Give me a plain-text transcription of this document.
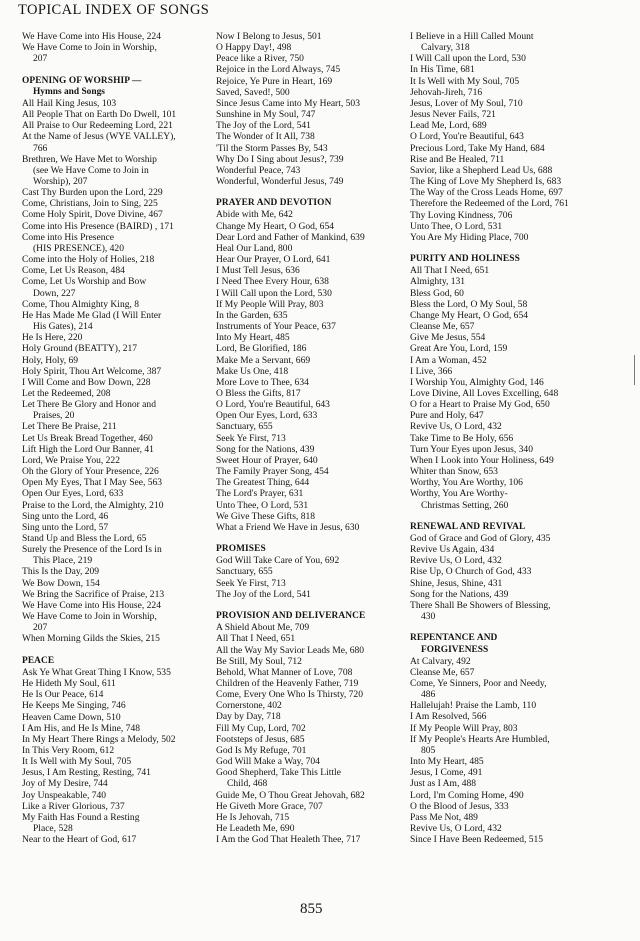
TOPICAL INDEX OF SONGS
We Have Come into His House, 224
We Have Come to Join in Worship,
207
OPENING OF WORSHIP —
Hymns and Songs
All Hail King Jesus, 103
All People That on Earth Do Dwell, 101
All Praise to Our Redeeming Lord, 221
At the Name of Jesus (WYE VALLEY),
766
Brethren, We Have Met to Worship
(see We Have Come to Join in
Worship), 207
Cast Thy Burden upon the Lord, 229
Come, Christians, Join to Sing, 225
Come Holy Spirit, Dove Divine, 467
Come into His Presence (BAIRD) , 171
Come into His Presence
(HIS PRESENCE), 420
Come into the Holy of Holies, 218
Come, Let Us Reason, 484
Come, Let Us Worship and Bow
Down, 227
Come, Thou Almighty King, 8
He Has Made Me Glad (I Will Enter
His Gates), 214
He Is Here, 220
Holy Ground (BEATTY), 217
Holy, Holy, 69
Holy Spirit, Thou Art Welcome, 387
I Will Come and Bow Down, 228
Let the Redeemed, 208
Let There Be Glory and Honor and
Praises, 20
Let There Be Praise, 211
Let Us Break Bread Together, 460
Lift High the Lord Our Banner, 41
Lord, We Praise You, 222
Oh the Glory of Your Presence, 226
Open My Eyes, That I May See, 563
Open Our Eyes, Lord, 633
Praise to the Lord, the Almighty, 210
Sing unto the Lord, 46
Sing unto the Lord, 57
Stand Up and Bless the Lord, 65
Surely the Presence of the Lord Is in
This Place, 219
This Is the Day, 209
We Bow Down, 154
We Bring the Sacrifice of Praise, 213
We Have Come into His House, 224
We Have Come to Join in Worship,
207
When Morning Gilds the Skies, 215
PEACE
Ask Ye What Great Thing I Know, 535
He Hideth My Soul, 611
He Is Our Peace, 614
He Keeps Me Singing, 746
Heaven Came Down, 510
I Am His, and He Is Mine, 748
In My Heart There Rings a Melody, 502
In This Very Room, 612
It Is Well with My Soul, 705
Jesus, I Am Resting, Resting, 741
Joy of My Desire, 744
Joy Unspeakable, 740
Like a River Glorious, 737
My Faith Has Found a Resting
Place, 528
Near to the Heart of God, 617
Now I Belong to Jesus, 501
O Happy Day!, 498
Peace like a River, 750
Rejoice in the Lord Always, 745
Rejoice, Ye Pure in Heart, 169
Saved, Saved!, 500
Since Jesus Came into My Heart, 503
Sunshine in My Soul, 747
The Joy of the Lord, 541
The Wonder of It All, 738
'Til the Storm Passes By, 543
Why Do I Sing about Jesus?, 739
Wonderful Peace, 743
Wonderful, Wonderful Jesus, 749
PRAYER AND DEVOTION
Abide with Me, 642
Change My Heart, O God, 654
Dear Lord and Father of Mankind, 639
Heal Our Land, 800
Hear Our Prayer, O Lord, 641
I Must Tell Jesus, 636
I Need Thee Every Hour, 638
I Will Call upon the Lord, 530
If My People Will Pray, 803
In the Garden, 635
Instruments of Your Peace, 637
Into My Heart, 485
Lord, Be Glorified, 186
Make Me a Servant, 669
Make Us One, 418
More Love to Thee, 634
O Bless the Gifts, 817
O Lord, You're Beautiful, 643
Open Our Eyes, Lord, 633
Sanctuary, 655
Seek Ye First, 713
Song for the Nations, 439
Sweet Hour of Prayer, 640
The Family Prayer Song, 454
The Greatest Thing, 644
The Lord's Prayer, 631
Unto Thee, O Lord, 531
We Give These Gifts, 818
What a Friend We Have in Jesus, 630
PROMISES
God Will Take Care of You, 692
Sanctuary, 655
Seek Ye First, 713
The Joy of the Lord, 541
PROVISION AND DELIVERANCE
A Shield About Me, 709
All That I Need, 651
All the Way My Savior Leads Me, 680
Be Still, My Soul, 712
Behold, What Manner of Love, 708
Children of the Heavenly Father, 719
Come, Every One Who Is Thirsty, 720
Cornerstone, 402
Day by Day, 718
Fill My Cup, Lord, 702
Footsteps of Jesus, 685
God Is My Refuge, 701
God Will Make a Way, 704
Good Shepherd, Take This Little
Child, 468
Guide Me, O Thou Great Jehovah, 682
He Giveth More Grace, 707
He Is Jehovah, 715
He Leadeth Me, 690
I Am the God That Healeth Thee, 717
I Believe in a Hill Called Mount
Calvary, 318
I Will Call upon the Lord, 530
In His Time, 681
It Is Well with My Soul, 705
Jehovah-Jireh, 716
Jesus, Lover of My Soul, 710
Jesus Never Fails, 721
Lead Me, Lord, 689
O Lord, You're Beautiful, 643
Precious Lord, Take My Hand, 684
Rise and Be Healed, 711
Savior, like a Shepherd Lead Us, 688
The King of Love My Shepherd Is, 683
The Way of the Cross Leads Home, 697
Therefore the Redeemed of the Lord, 761
Thy Loving Kindness, 706
Unto Thee, O Lord, 531
You Are My Hiding Place, 700
PURITY AND HOLINESS
All That I Need, 651
Almighty, 131
Bless God, 60
Bless the Lord, O My Soul, 58
Change My Heart, O God, 654
Cleanse Me, 657
Give Me Jesus, 554
Great Are You, Lord, 159
I Am a Woman, 452
I Live, 366
I Worship You, Almighty God, 146
Love Divine, All Loves Excelling, 648
O for a Heart to Praise My God, 650
Pure and Holy, 647
Revive Us, O Lord, 432
Take Time to Be Holy, 656
Turn Your Eyes upon Jesus, 340
When I Look into Your Holiness, 649
Whiter than Snow, 653
Worthy, You Are Worthy, 106
Worthy, You Are Worthy-
Christmas Setting, 260
RENEWAL AND REVIVAL
God of Grace and God of Glory, 435
Revive Us Again, 434
Revive Us, O Lord, 432
Rise Up, O Church of God, 433
Shine, Jesus, Shine, 431
Song for the Nations, 439
There Shall Be Showers of Blessing,
430
REPENTANCE AND
FORGIVENESS
At Calvary, 492
Cleanse Me, 657
Come, Ye Sinners, Poor and Needy,
486
Hallelujah! Praise the Lamb, 110
I Am Resolved, 566
If My People Will Pray, 803
If My People's Hearts Are Humbled,
805
Into My Heart, 485
Jesus, I Come, 491
Just as I Am, 488
Lord, I'm Coming Home, 490
O the Blood of Jesus, 333
Pass Me Not, 489
Revive Us, O Lord, 432
Since I Have Been Redeemed, 515
855
